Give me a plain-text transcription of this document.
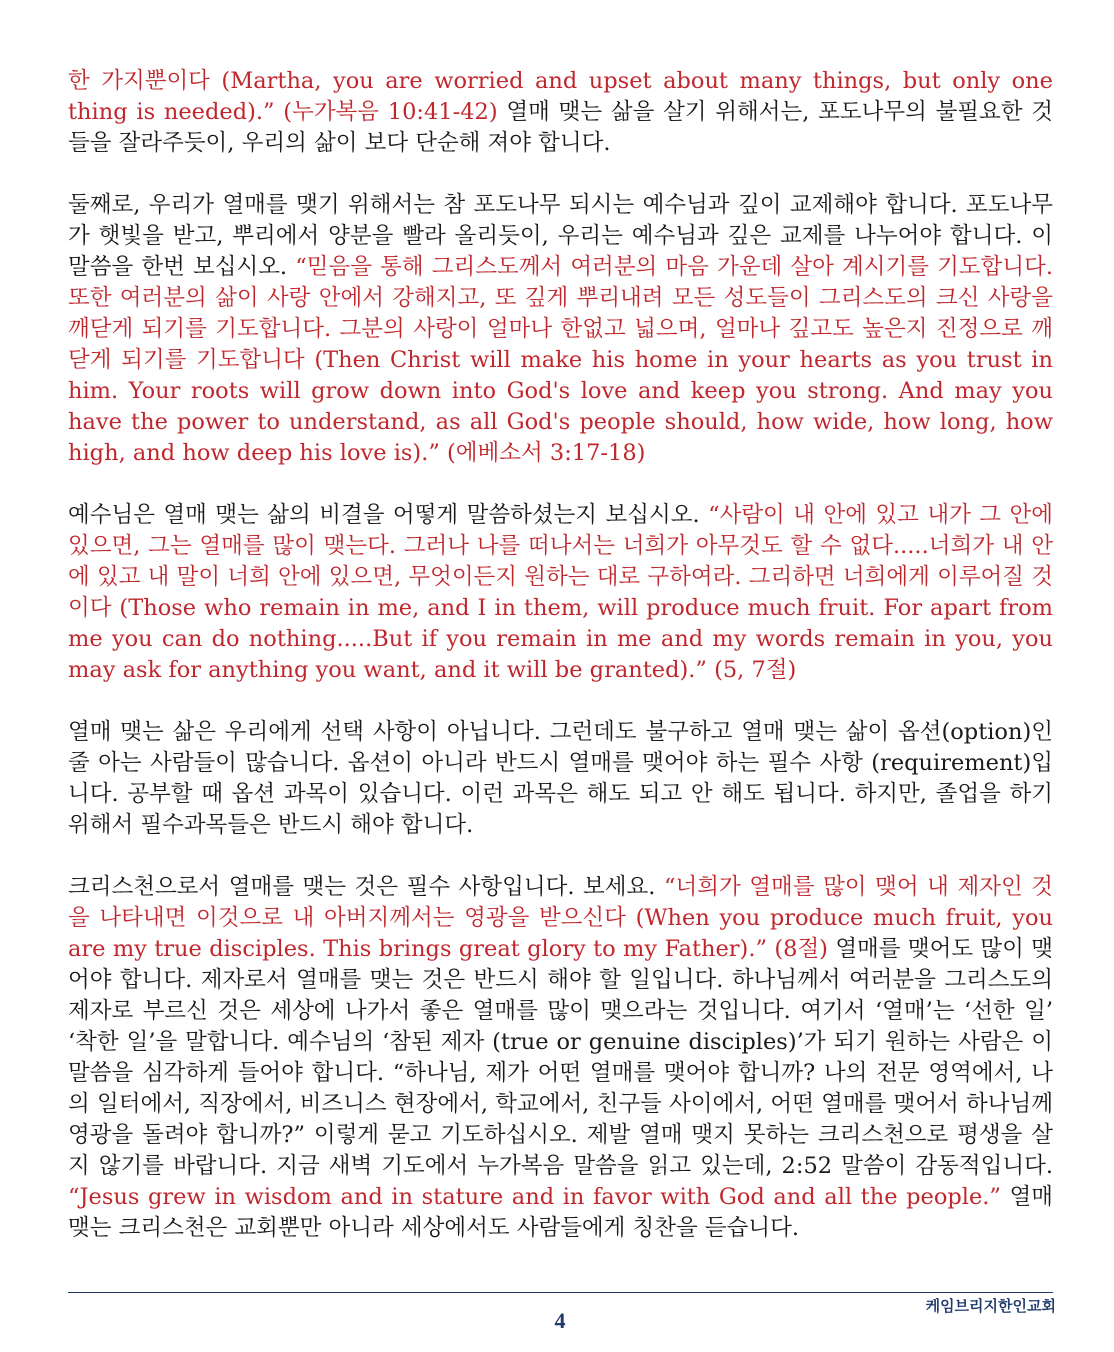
한 가지뿐이다 (Martha, you are worried and upset about many things, but only one thing is needed).” (누가복음 10:41-42) 열매 맺는 삶을 살기 위해서는, 포도나무의 불필요한 것들을 잘라주듯이, 우리의 삶이 보다 단순해 져야 합니다.

둘째로, 우리가 열매를 맺기 위해서는 참 포도나무 되시는 예수님과 깊이 교제해야 합니다. 포도나무가 햇빛을 받고, 뿌리에서 양분을 빨라 올리듯이, 우리는 예수님과 깊은 교제를 나누어야 합니다. 이 말씀을 한번 보십시오. “믿음을 통해 그리스도께서 여러분의 마음 가운데 살아 계시기를 기도합니다. 또한 여러분의 삶이 사랑 안에서 강해지고, 또 깊게 뿌리내려 모든 성도들이 그리스도의 크신 사랑을 깨닫게 되기를 기도합니다. 그분의 사랑이 얼마나 한없고 넓으며, 얼마나 깊고도 높은지 진정으로 깨닫게 되기를 기도합니다 (Then Christ will make his home in your hearts as you trust in him. Your roots will grow down into God's love and keep you strong. And may you have the power to understand, as all God's people should, how wide, how long, how high, and how deep his love is).” (에베소서 3:17-18)

예수님은 열매 맺는 삶의 비결을 어떻게 말씀하셨는지 보십시오. “사람이 내 안에 있고 내가 그 안에 있으면, 그는 열매를 많이 맺는다. 그러나 나를 떠나서는 너희가 아무것도 할 수 없다.....너희가 내 안에 있고 내 말이 너희 안에 있으면, 무엇이든지 원하는 대로 구하여라. 그리하면 너희에게 이루어질 것이다 (Those who remain in me, and I in them, will produce much fruit. For apart from me you can do nothing.....But if you remain in me and my words remain in you, you may ask for anything you want, and it will be granted).” (5, 7절)

열매 맺는 삶은 우리에게 선택 사항이 아닙니다. 그런데도 불구하고 열매 맺는 삶이 옵션(option)인 줄 아는 사람들이 많습니다. 옵션이 아니라 반드시 열매를 맺어야 하는 필수 사항 (requirement)입니다. 공부할 때 옵션 과목이 있습니다. 이런 과목은 해도 되고 안 해도 됩니다. 하지만, 졸업을 하기 위해서 필수과목들은 반드시 해야 합니다.

크리스천으로서 열매를 맺는 것은 필수 사항입니다. 보세요. “너희가 열매를 많이 맺어 내 제자인 것을 나타내면 이것으로 내 아버지께서는 영광을 받으신다 (When you produce much fruit, you are my true disciples. This brings great glory to my Father).” (8절) 열매를 맺어도 많이 맺어야 합니다. 제자로서 열매를 맺는 것은 반드시 해야 할 일입니다. 하나님께서 여러분을 그리스도의 제자로 부르신 것은 세상에 나가서 좋은 열매를 많이 맺으라는 것입니다. 여기서 ‘열매’는 ‘선한 일’ ‘착한 일’을 말합니다. 예수님의 ‘참된 제자 (true or genuine disciples)’가 되기 원하는 사람은 이 말씀을 심각하게 들어야 합니다. “하나님, 제가 어떤 열매를 맺어야 합니까? 나의 전문 영역에서, 나의 일터에서, 직장에서, 비즈니스 현장에서, 학교에서, 친구들 사이에서, 어떤 열매를 맺어서 하나님께 영광을 돌려야 합니까?” 이렇게 묻고 기도하십시오. 제발 열매 맺지 못하는 크리스천으로 평생을 살지 않기를 바랍니다. 지금 새벽 기도에서 누가복음 말씀을 읽고 있는데, 2:52 말씀이 감동적입니다. “Jesus grew in wisdom and in stature and in favor with God and all the people.” 열매 맺는 크리스천은 교회뿐만 아니라 세상에서도 사람들에게 칭찬을 듣습니다.

케임브리지한인교회
4
